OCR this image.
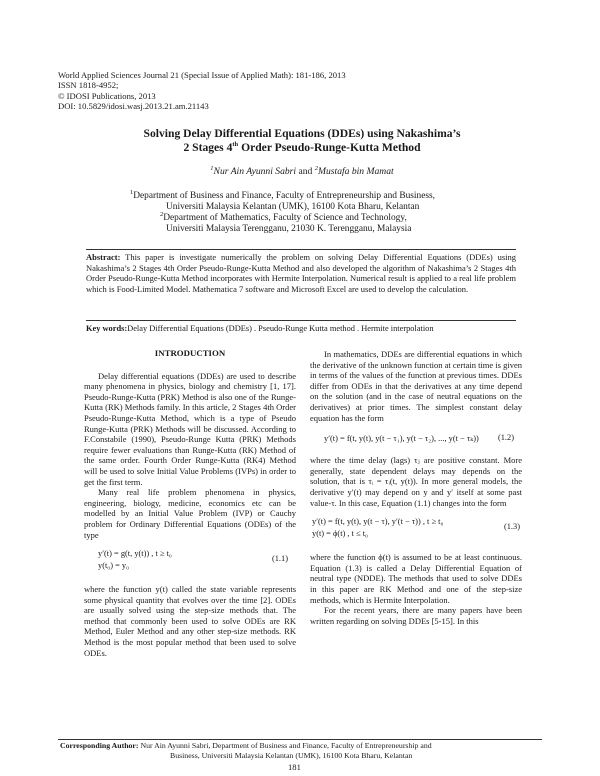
World Applied Sciences Journal 21 (Special Issue of Applied Math): 181-186, 2013
ISSN 1818-4952;
© IDOSI Publications, 2013
DOI: 10.5829/idosi.wasj.2013.21.am.21143
Solving Delay Differential Equations (DDEs) using Nakashima’s
2 Stages 4th Order Pseudo-Runge-Kutta Method
$^1$Nur Ain Ayunni Sabri and $^2$Mustafa bin Mamat
$^1$Department of Business and Finance, Faculty of Entrepreneurship and Business,
Universiti Malaysia Kelantan (UMK), 16100 Kota Bharu, Kelantan
$^2$Department of Mathematics, Faculty of Science and Technology,
Universiti Malaysia Terengganu, 21030 K. Terengganu, Malaysia
Abstract: This paper is investigate numerically the problem on solving Delay Differential Equations (DDEs) using Nakashima’s 2 Stages 4th Order Pseudo-Runge-Kutta Method and also developed the algorithm of Nakashima’s 2 Stages 4th Order Pseudo-Runge-Kutta Method incorporates with Hermite Interpolation. Numerical result is applied to a real life problem which is Food-Limited Model. Mathematica 7 software and Microsoft Excel are used to develop the calculation.
Key words:Delay Differential Equations (DDEs) . Pseudo-Runge Kutta method . Hermite interpolation
INTRODUCTION

Delay differential equations (DDEs) are used to describe many phenomena in physics, biology and chemistry [1, 17]. Pseudo-Runge-Kutta (PRK) Method is also one of the Runge-Kutta (RK) Methods family. In this article, 2 Stages 4th Order Pseudo-Runge-Kutta Method, which is a type of Pseudo Runge-Kutta (PRK) Methods will be discussed. According to F.Constabile (1990), Pseudo-Runge Kutta (PRK) Methods require fewer evaluations than Runge-Kutta (RK) Method of the same order. Fourth Order Runge-Kutta (RK4) Method will be used to solve Initial Value Problems (IVPs) in order to get the first term.

Many real life problem phenomena in physics, engineering, biology, medicine, economics etc can be modelled by an Initial Value Problem (IVP) or Cauchy problem for Ordinary Differential Equations (ODEs) of the type

y′(t) = g(t, y(t)) , t ≥ t₀
y(t₀) = y₀
(1.1)

where the function y(t) called the state variable represents some physical quantity that evolves over the time [2]. ODEs are usually solved using the step-size methods that. The method that commonly been used to solve ODEs are RK Method, Euler Method and any other step-size methods. RK Method is the most popular method that been used to solve ODEs.

In mathematics, DDEs are differential equations in which the derivative of the unknown function at certain time is given in terms of the values of the function at previous times. DDEs differ from ODEs in that the derivatives at any time depend on the solution (and in the case of neutral equations on the derivatives) at prior times. The simplest constant delay equation has the form

y′(t) = f(t, y(t), y(t − τ₁), y(t − τ₂), ..., y(t − τₖ)) (1.2)

where the time delay (lags) τⱼ are positive constant. More generally, state dependent delays may depends on the solution, that is τᵢ = τᵢ(t, y(t)). In more general models, the derivative y′(t) may depend on y and y′ itself at some past value-τ. In this case, Equation (1.1) changes into the form

y′(t) = f(t, y(t), y(t − τ), y′(t − τ)) , t ≥ t₀
y(t) = ϕ(t) , t ≤ t₀
(1.3)

where the function ϕ(t) is assumed to be at least continuous. Equation (1.3) is called a Delay Differential Equation of neutral type (NDDE). The methods that used to solve DDEs in this paper are RK Method and one of the step-size methods, which is Hermite Interpolation.

For the recent years, there are many papers have been written regarding on solving DDEs [5-15]. In this

Corresponding Author: Nur Ain Ayunni Sabri, Department of Business and Finance, Faculty of Entrepreneurship and
Business, Universiti Malaysia Kelantan (UMK), 16100 Kota Bharu, Kelantan
181
